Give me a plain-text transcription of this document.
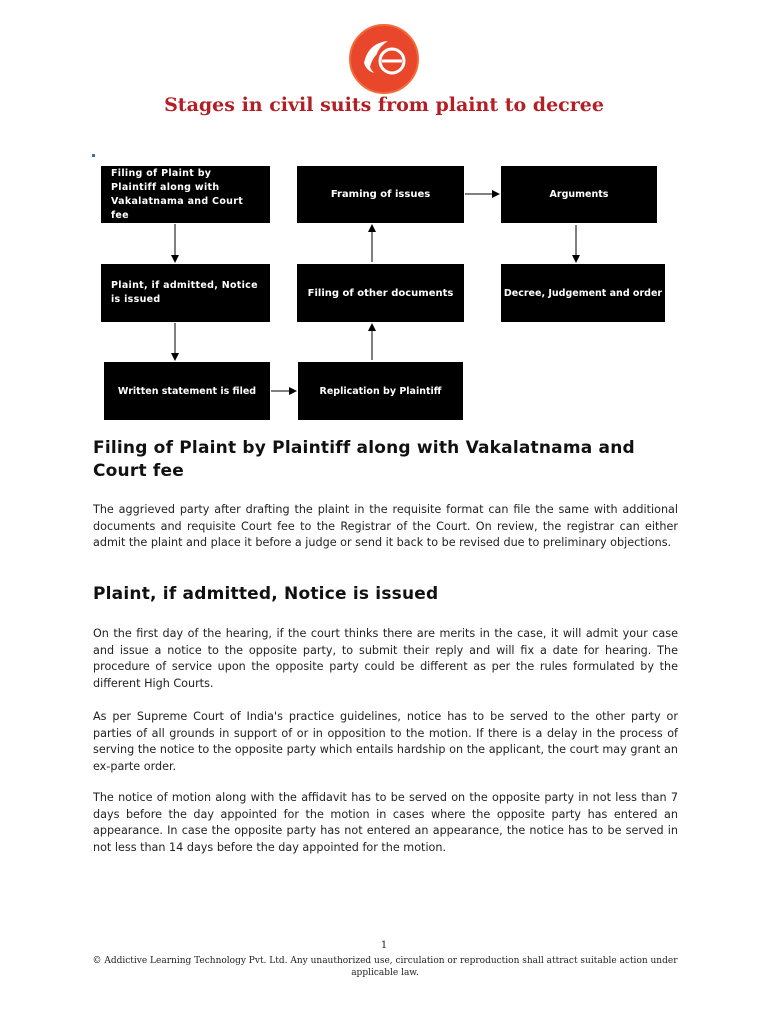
Stages in civil suits from plaint to decree
Filing of Plaint by Plaintiff along with Vakalatnama and Court fee
Framing of issues	Arguments
Plaint, if admitted, Notice is issued
Filing of other documents	Decree, Judgement and order
Written statement is filed	Replication by Plaintiff
Filing of Plaint by Plaintiff along with Vakalatnama and Court fee

The aggrieved party after drafting the plaint in the requisite format can file the same with additional documents and requisite Court fee to the Registrar of the Court. On review, the registrar can either admit the plaint and place it before a judge or send it back to be revised due to preliminary objections.

Plaint, if admitted, Notice is issued

On the first day of the hearing, if the court thinks there are merits in the case, it will admit your case and issue a notice to the opposite party, to submit their reply and will fix a date for hearing. The procedure of service upon the opposite party could be different as per the rules formulated by the different High Courts.

As per Supreme Court of India's practice guidelines, notice has to be served to the other party or parties of all grounds in support of or in opposition to the motion. If there is a delay in the process of serving the notice to the opposite party which entails hardship on the applicant, the court may grant an ex-parte order.

The notice of motion along with the affidavit has to be served on the opposite party in not less than 7 days before the day appointed for the motion in cases where the opposite party has entered an appearance. In case the opposite party has not entered an appearance, the notice has to be served in not less than 14 days before the day appointed for the motion.

1
© Addictive Learning Technology Pvt. Ltd. Any unauthorized use, circulation or reproduction shall attract suitable action under applicable law.
